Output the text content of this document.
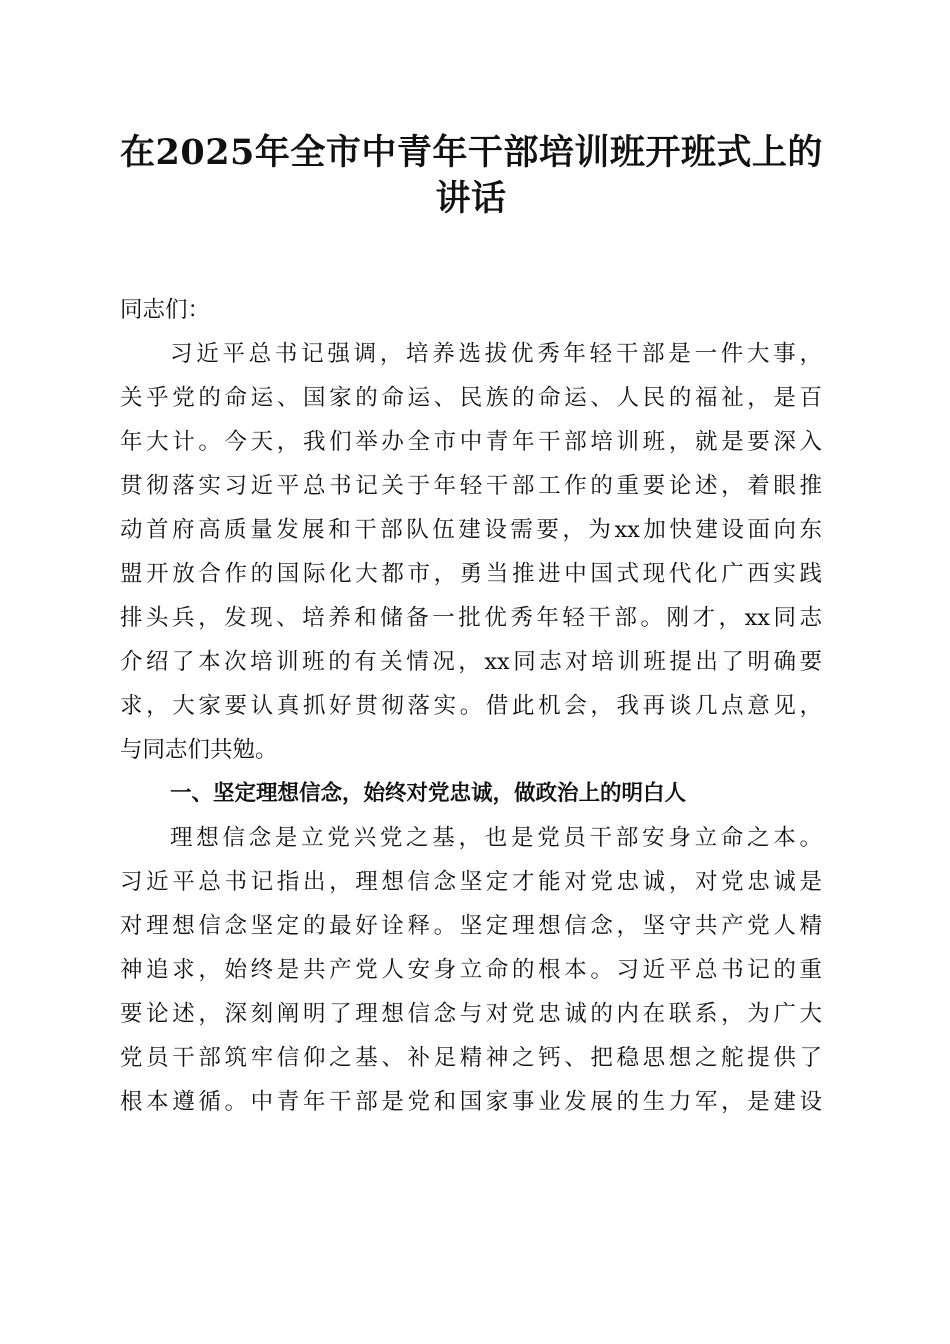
在2025年全市中青年干部培训班开班式上的
讲话

同志们：

习近平总书记强调，培养选拔优秀年轻干部是一件大事，
关乎党的命运、国家的命运、民族的命运、人民的福祉，是百
年大计。今天，我们举办全市中青年干部培训班，就是要深入
贯彻落实习近平总书记关于年轻干部工作的重要论述，着眼推
动首府高质量发展和干部队伍建设需要，为xx加快建设面向东
盟开放合作的国际化大都市，勇当推进中国式现代化广西实践
排头兵，发现、培养和储备一批优秀年轻干部。刚才，xx同志
介绍了本次培训班的有关情况，xx同志对培训班提出了明确要
求，大家要认真抓好贯彻落实。借此机会，我再谈几点意见，
与同志们共勉。

一、坚定理想信念，始终对党忠诚，做政治上的明白人

理想信念是立党兴党之基，也是党员干部安身立命之本。
习近平总书记指出，理想信念坚定才能对党忠诚，对党忠诚是
对理想信念坚定的最好诠释。坚定理想信念，坚守共产党人精
神追求，始终是共产党人安身立命的根本。习近平总书记的重
要论述，深刻阐明了理想信念与对党忠诚的内在联系，为广大
党员干部筑牢信仰之基、补足精神之钙、把稳思想之舵提供了
根本遵循。中青年干部是党和国家事业发展的生力军，是建设
